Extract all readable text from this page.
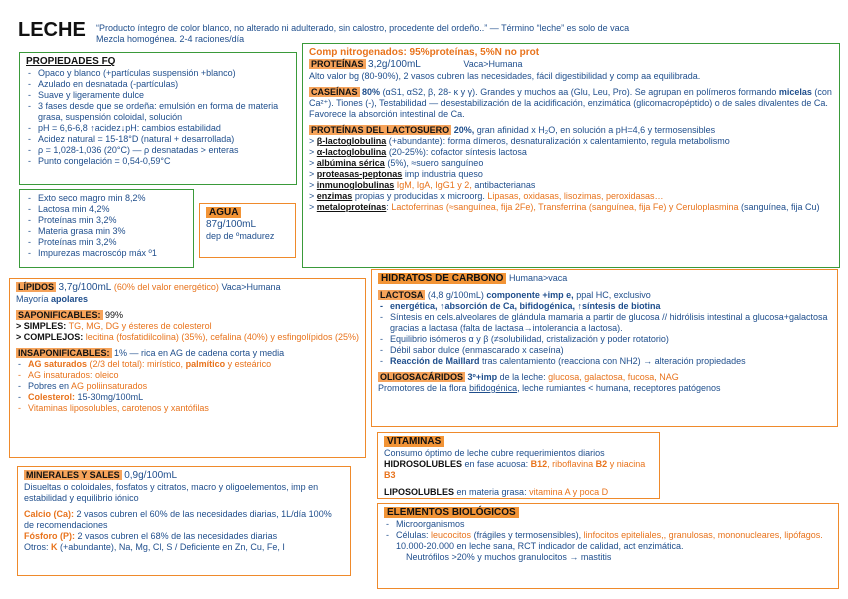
LECHE “Producto íntegro de color blanco, no alterado ni adulterado, sin calostro, procedente del ordeño..” — Término “leche” es solo de vaca
Mezcla homogénea. 2-4 raciones/día
PROPIEDADES FQ
- Opaco y blanco (+partículas suspensión +blanco)
- Azulado en desnatada (-partículas)
- Suave y ligeramente dulce
- 3 fases desde que se ordeña: emulsión en forma de materia grasa, suspensión coloidal, solución
- pH = 6,6-6,8 ↑acidez↓pH: cambios estabilidad
- Acidez natural = 15-18°D (natural + desarrollada)
- ρ = 1,028-1,036 (20°C) — ρ desnatadas > enteras
- Punto congelación = 0,54-0,59°C
- Exto seco magro min 8,2%
- Lactosa min 4,2%
- Proteínas min 3,2%
- Materia grasa min 3%
- Proteínas min 3,2%
- Impurezas macroscóp máx º1
AGUA
87g/100mL
dep de ºmadurez
Comp nitrogenados: 95%proteínas, 5%N no prot

PROTEÍNAS 3,2g/100mL	Vaca>Humana

Alto valor bg (80-90%), 2 vasos cubren las necesidades, fácil digestibilidad y comp aa equilibrada.

CASEÍNAS 80% (αS1, αS2, β, 28- κ y γ). Grandes y muchos aa (Glu, Leu, Pro). Se agrupan en polímeros formando micelas (con Ca²⁺). Tiones (-), Testabilidad — desestabilización de la acidificación, enzimática (glicomacropéptido) o de sales divalentes de Ca. Favorece la absorción intestinal de Ca.

PROTEÍNAS DEL LACTOSUERO 20%, gran afinidad x H₂O, en solución a pH=4,6 y termosensibles

> β-lactoglobulina (+abundante): forma dímeros, desnaturalización x calentamiento, regula metabolismo

> α-lactoglobulina (20-25%): cofactor síntesis lactosa

> albúmina sérica (5%), ≈suero sanguíneo

> proteasas-peptonas imp industria queso

> inmunoglobulinas IgM, IgA, IgG1 y 2, antibacterianas

> enzimas propias y producidas x microorg. Lipasas, oxidasas, lisozimas, peroxidasas…

> metaloproteínas: Lactoferrinas (≈sanguínea, fija 2Fe), Transferrina (sanguínea, fija Fe) y Ceruloplasmina (sanguínea, fija Cu)

LÍPIDOS 3,7g/100mL (60% del valor energético) Vaca>Humana

Mayoría apolares

SAPONIFICABLES: 99%

> SIMPLES: TG, MG, DG y ésteres de colesterol

> COMPLEJOS: lecitina (fosfatidilcolina) (35%), cefalina (40%) y esfingolípidos (25%)

INSAPONIFICABLES: 1% — rica en AG de cadena corta y media

- AG saturados (2/3 del total): mirístico, palmítico y esteárico
- AG insaturados: oleico
- Pobres en AG poliinsaturados
- Colesterol: 15-30mg/100mL
- Vitaminas liposolubles, carotenos y xantófilas

MINERALES Y SALES 0,9g/100mL

Disueltas o coloidales, fosfatos y citratos, macro y oligoelementos, imp en estabilidad y equilibrio iónico

Calcio (Ca): 2 vasos cubren el 60% de las necesidades diarias, 1L/día 100% de recomendaciones

Fósforo (P): 2 vasos cubren el 68% de las necesidades diarias

Otros: K (+abundante), Na, Mg, Cl, S / Deficiente en Zn, Cu, Fe, I

HIDRATOS DE CARBONO Humana>vaca

LACTOSA (4,8 g/100mL) componente +imp e, ppal HC, exclusivo

- energética, ↑absorción de Ca, bifidogénica, ↑síntesis de biotina
- Síntesis en cels.alveolares de glándula mamaria a partir de glucosa // hidrólisis intestinal a glucosa+galactosa gracias a lactasa (falta de lactasa→intolerancia a lactosa).
- Equilibrio isómeros α y β (≠solubilidad, cristalización y poder rotatorio)
- Débil sabor dulce (enmascarado x caseína)
- Reacción de Maillard tras calentamiento (reacciona con NH2) → alteración propiedades

OLIGOSACÁRIDOS 3º+imp de la leche: glucosa, galactosa, fucosa, NAG

Promotores de la flora bifidogénica, leche rumiantes < humana, receptores patógenos

VITAMINAS

Consumo óptimo de leche cubre requerimientos diarios

HIDROSOLUBLES en fase acuosa: B12, riboflavina B2 y niacina B3

LIPOSOLUBLES en materia grasa: vitamina A y poca D

ELEMENTOS BIOLÓGICOS

- Microorganismos
- Células: leucocitos (frágiles y termosensibles), linfocitos epiteliales,, granulosas, mononucleares, lipófagos. 10.000-20.000 en leche sana, RCT indicador de calidad, act enzimática.
Neutrófilos >20% y muchos granulocitos → mastitis
